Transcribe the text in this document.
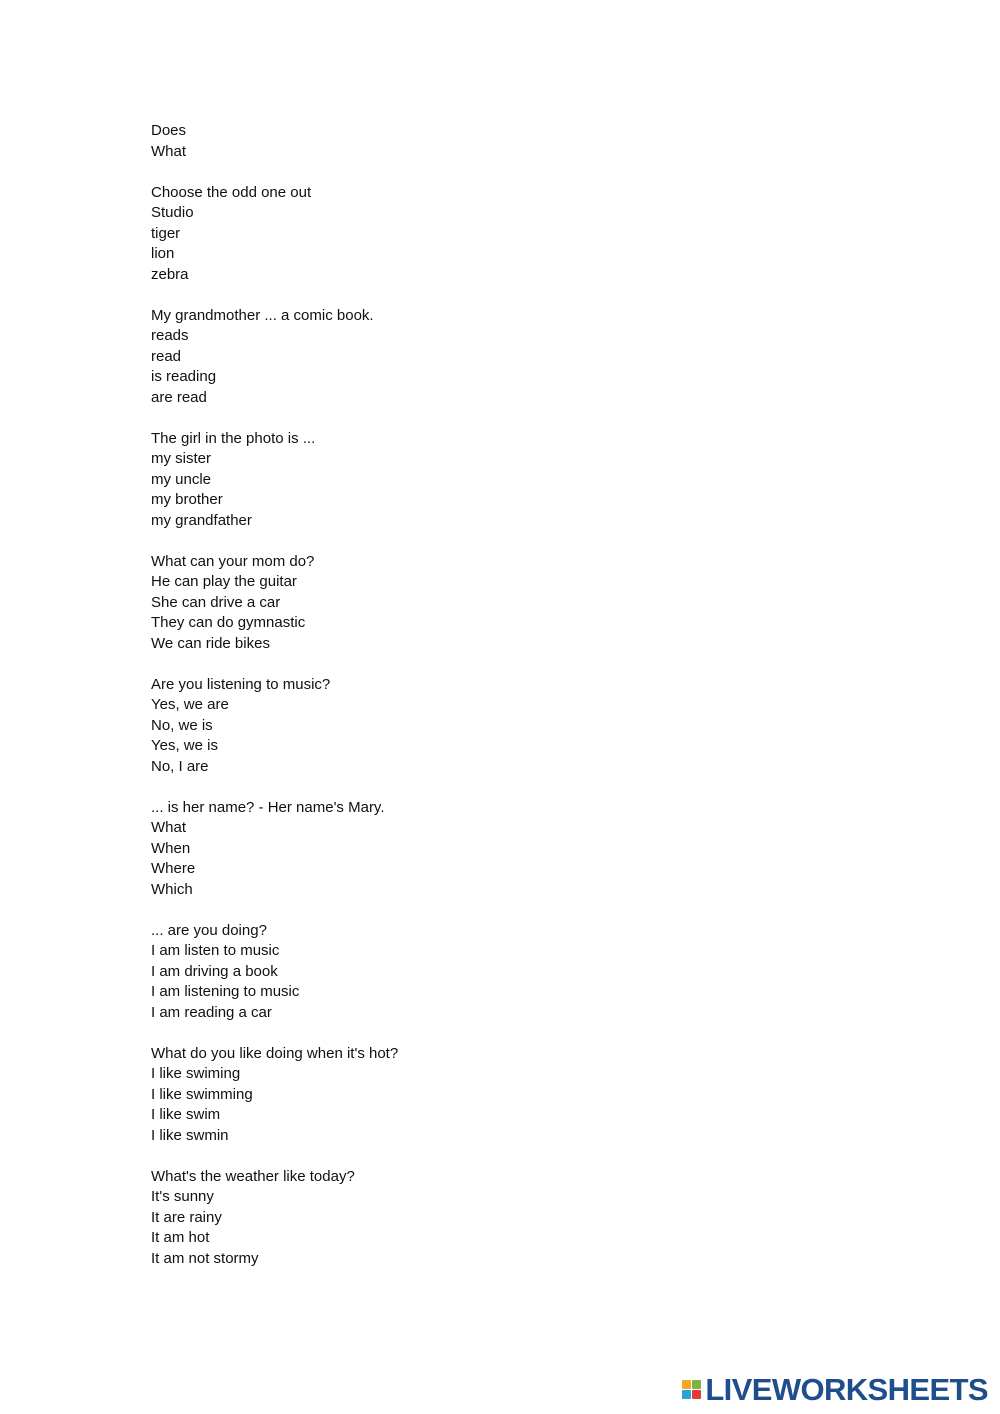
Does
What
Choose the odd one out
Studio
tiger
lion
zebra
My grandmother ... a comic book.
reads
read
is reading
are read
The girl in the photo is ...
my sister
my uncle
my brother
my grandfather
What can your mom do?
He can play the guitar
She can drive a car
They can do gymnastic
We can ride bikes
Are you listening to music?
Yes, we are
No, we is
Yes, we is
No, I are
... is her name? - Her name's Mary.
What
When
Where
Which
... are you doing?
I am listen to music
I am driving a book
I am listening to music
I am reading a car
What do you like doing when it's hot?
I like swiming
I like swimming
I like swim
I like swmin
What's the weather like today?
It's sunny
It are rainy
It am hot
It am not stormy
LIVEWORKSHEETS
